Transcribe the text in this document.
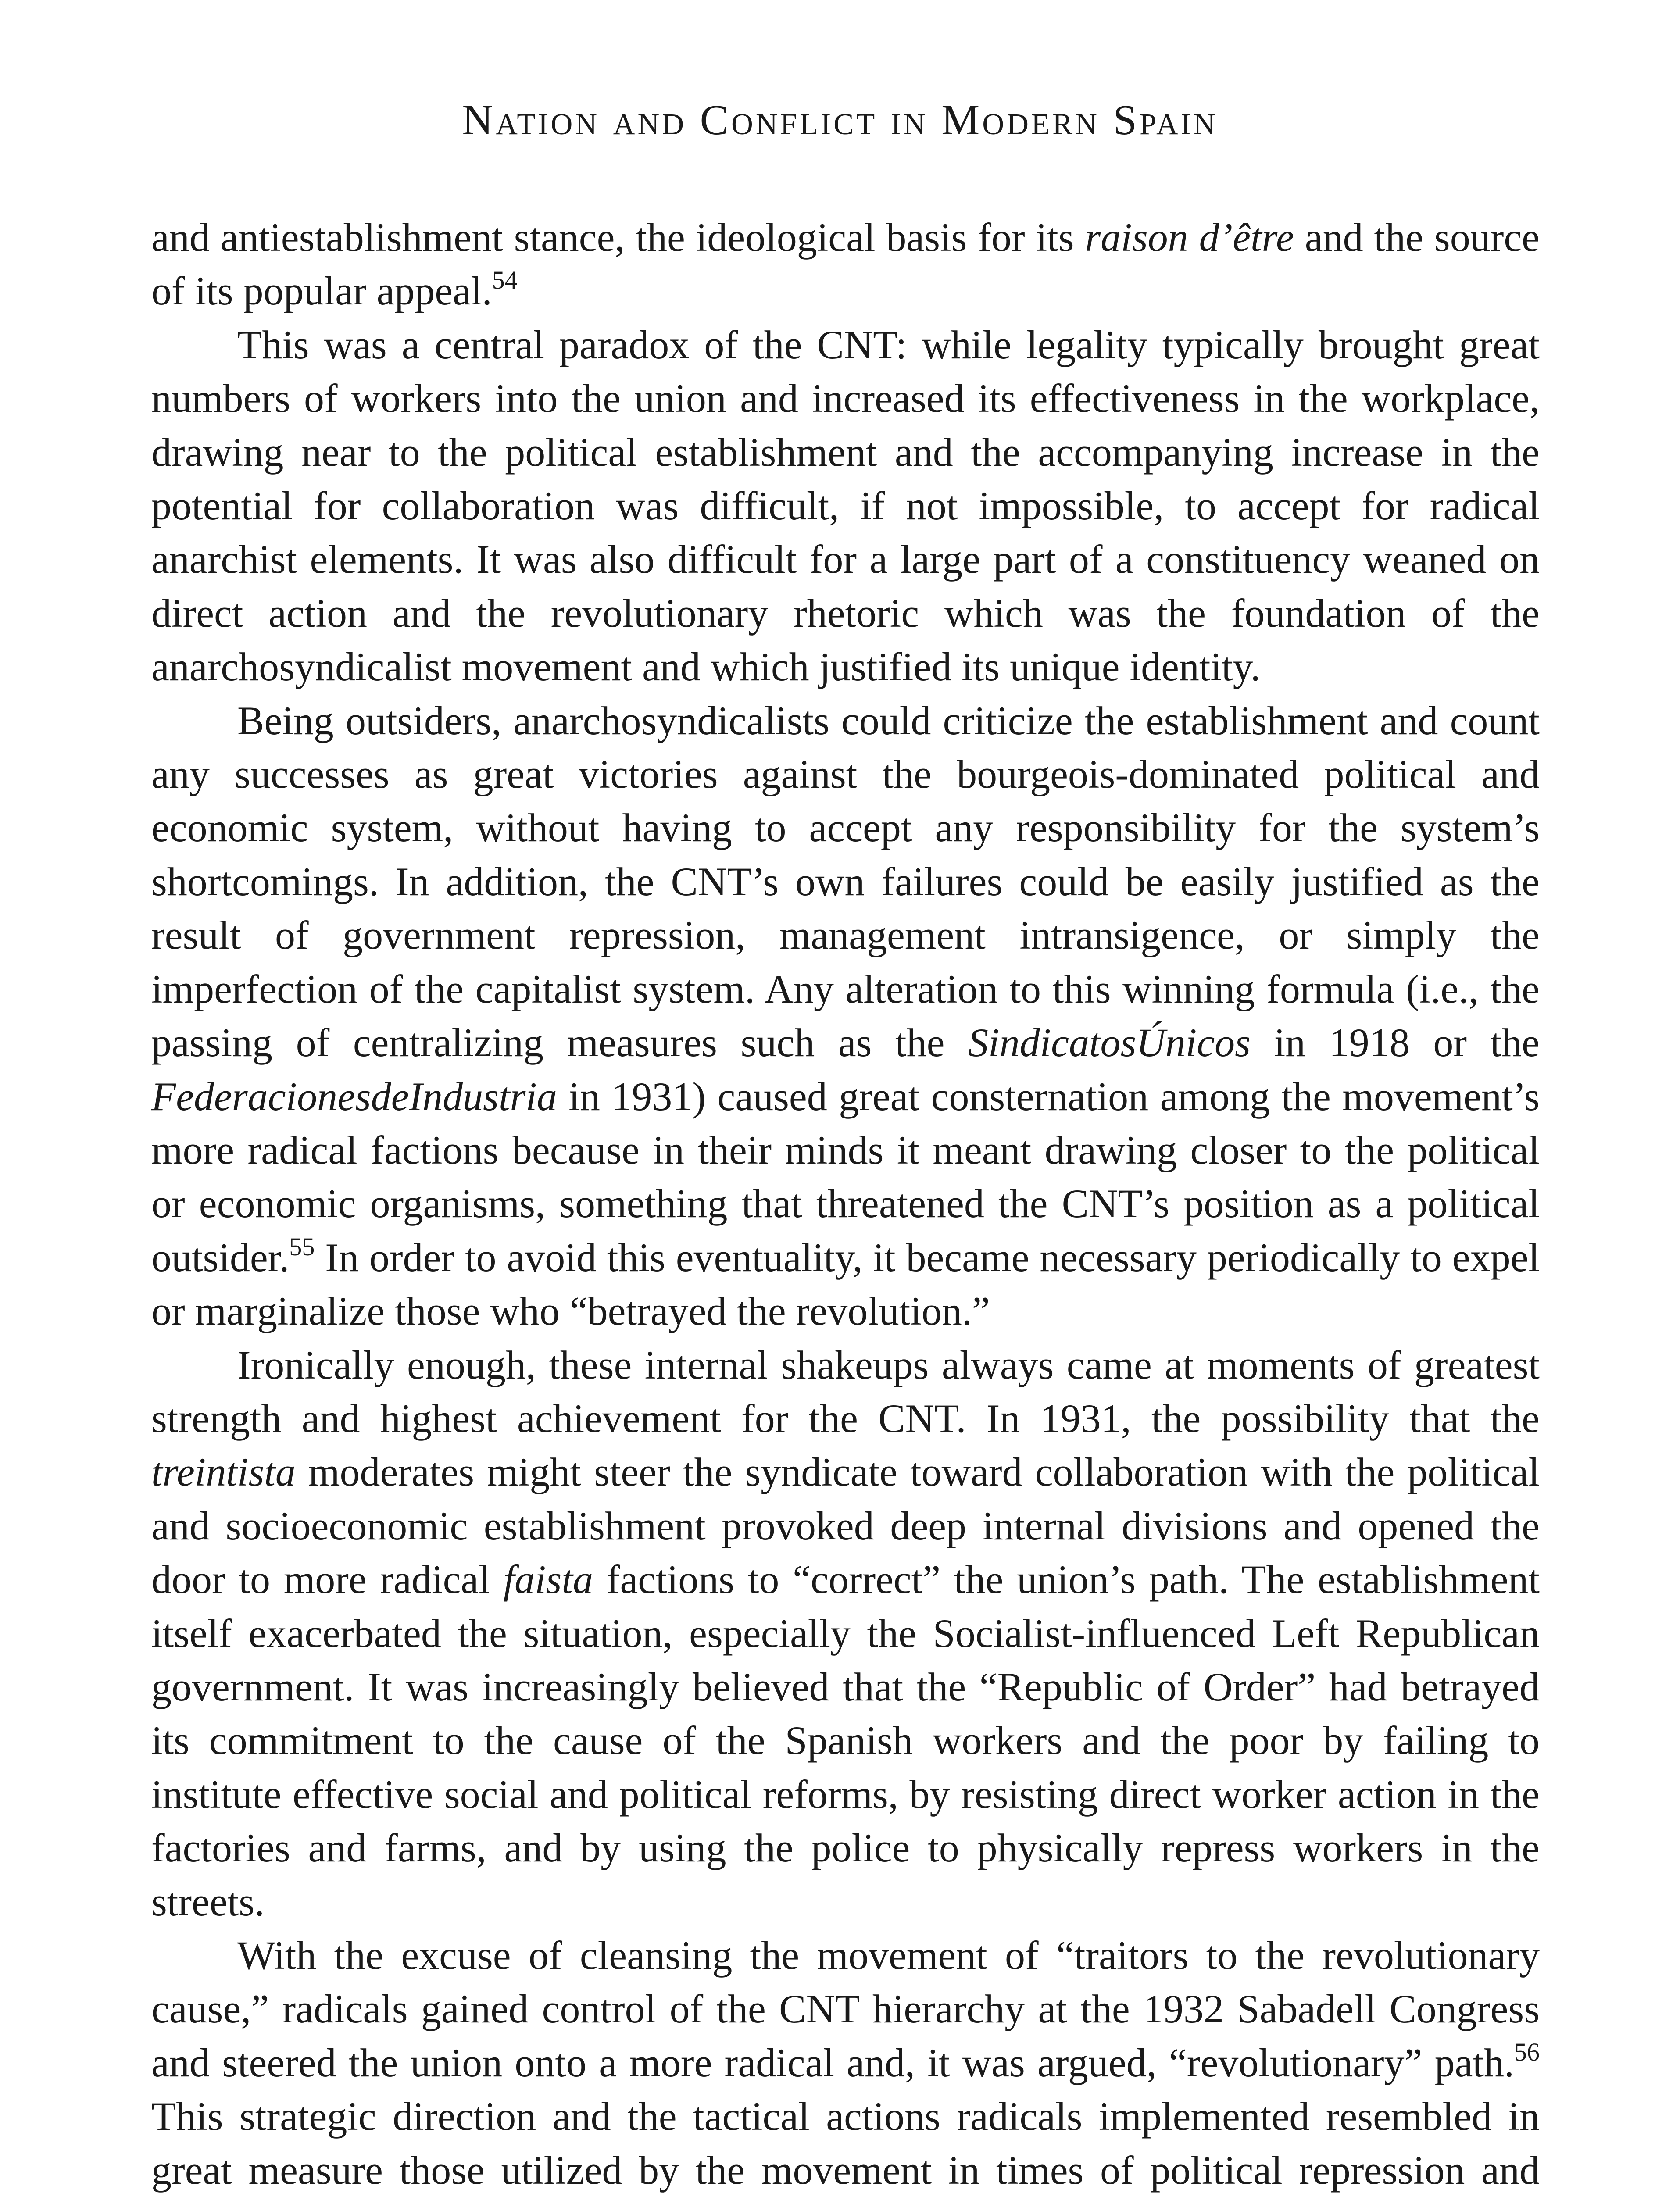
Nation and Conflict in Modern Spain

and antiestablishment stance, the ideological basis for its raison d’être and the source of its popular appeal.$^{54}$

This was a central paradox of the CNT: while legality typically brought great numbers of workers into the union and increased its effectiveness in the workplace, drawing near to the political establishment and the accompanying increase in the potential for collaboration was difficult, if not impossible, to accept for radical anarchist elements. It was also difficult for a large part of a constituency weaned on direct action and the revolutionary rhetoric which was the foundation of the anarchosyndicalist movement and which justified its unique identity.

Being outsiders, anarchosyndicalists could criticize the establishment and count any successes as great victories against the bourgeois-dominated political and economic system, without having to accept any responsibility for the system’s shortcomings. In addition, the CNT’s own failures could be easily justified as the result of government repression, management intransigence, or simply the imperfection of the capitalist system. Any alteration to this winning formula (i.e., the passing of centralizing measures such as the SindicatosÚnicos in 1918 or the FederacionesdeIndustria in 1931) caused great consternation among the movement’s more radical factions because in their minds it meant drawing closer to the political or economic organisms, something that threatened the CNT’s position as a political outsider.$^{55}$ In order to avoid this eventuality, it became necessary periodically to expel or marginalize those who “betrayed the revolution.”

Ironically enough, these internal shakeups always came at moments of greatest strength and highest achievement for the CNT. In 1931, the possibility that the treintista moderates might steer the syndicate toward collaboration with the political and socioeconomic establishment provoked deep internal divisions and opened the door to more radical faista factions to “correct” the union’s path. The establishment itself exacerbated the situation, especially the Socialist-influenced Left Republican government. It was increasingly believed that the “Republic of Order” had betrayed its commitment to the cause of the Spanish workers and the poor by failing to institute effective social and political reforms, by resisting direct worker action in the factories and farms, and by using the police to physically repress workers in the streets.

With the excuse of cleansing the movement of “traitors to the revolutionary cause,” radicals gained control of the CNT hierarchy at the 1932 Sabadell Congress and steered the union onto a more radical and, it was argued, “revolutionary” path.$^{56}$ This strategic direction and the tactical actions radicals implemented resembled in great measure those utilized by the movement in times of political repression and
